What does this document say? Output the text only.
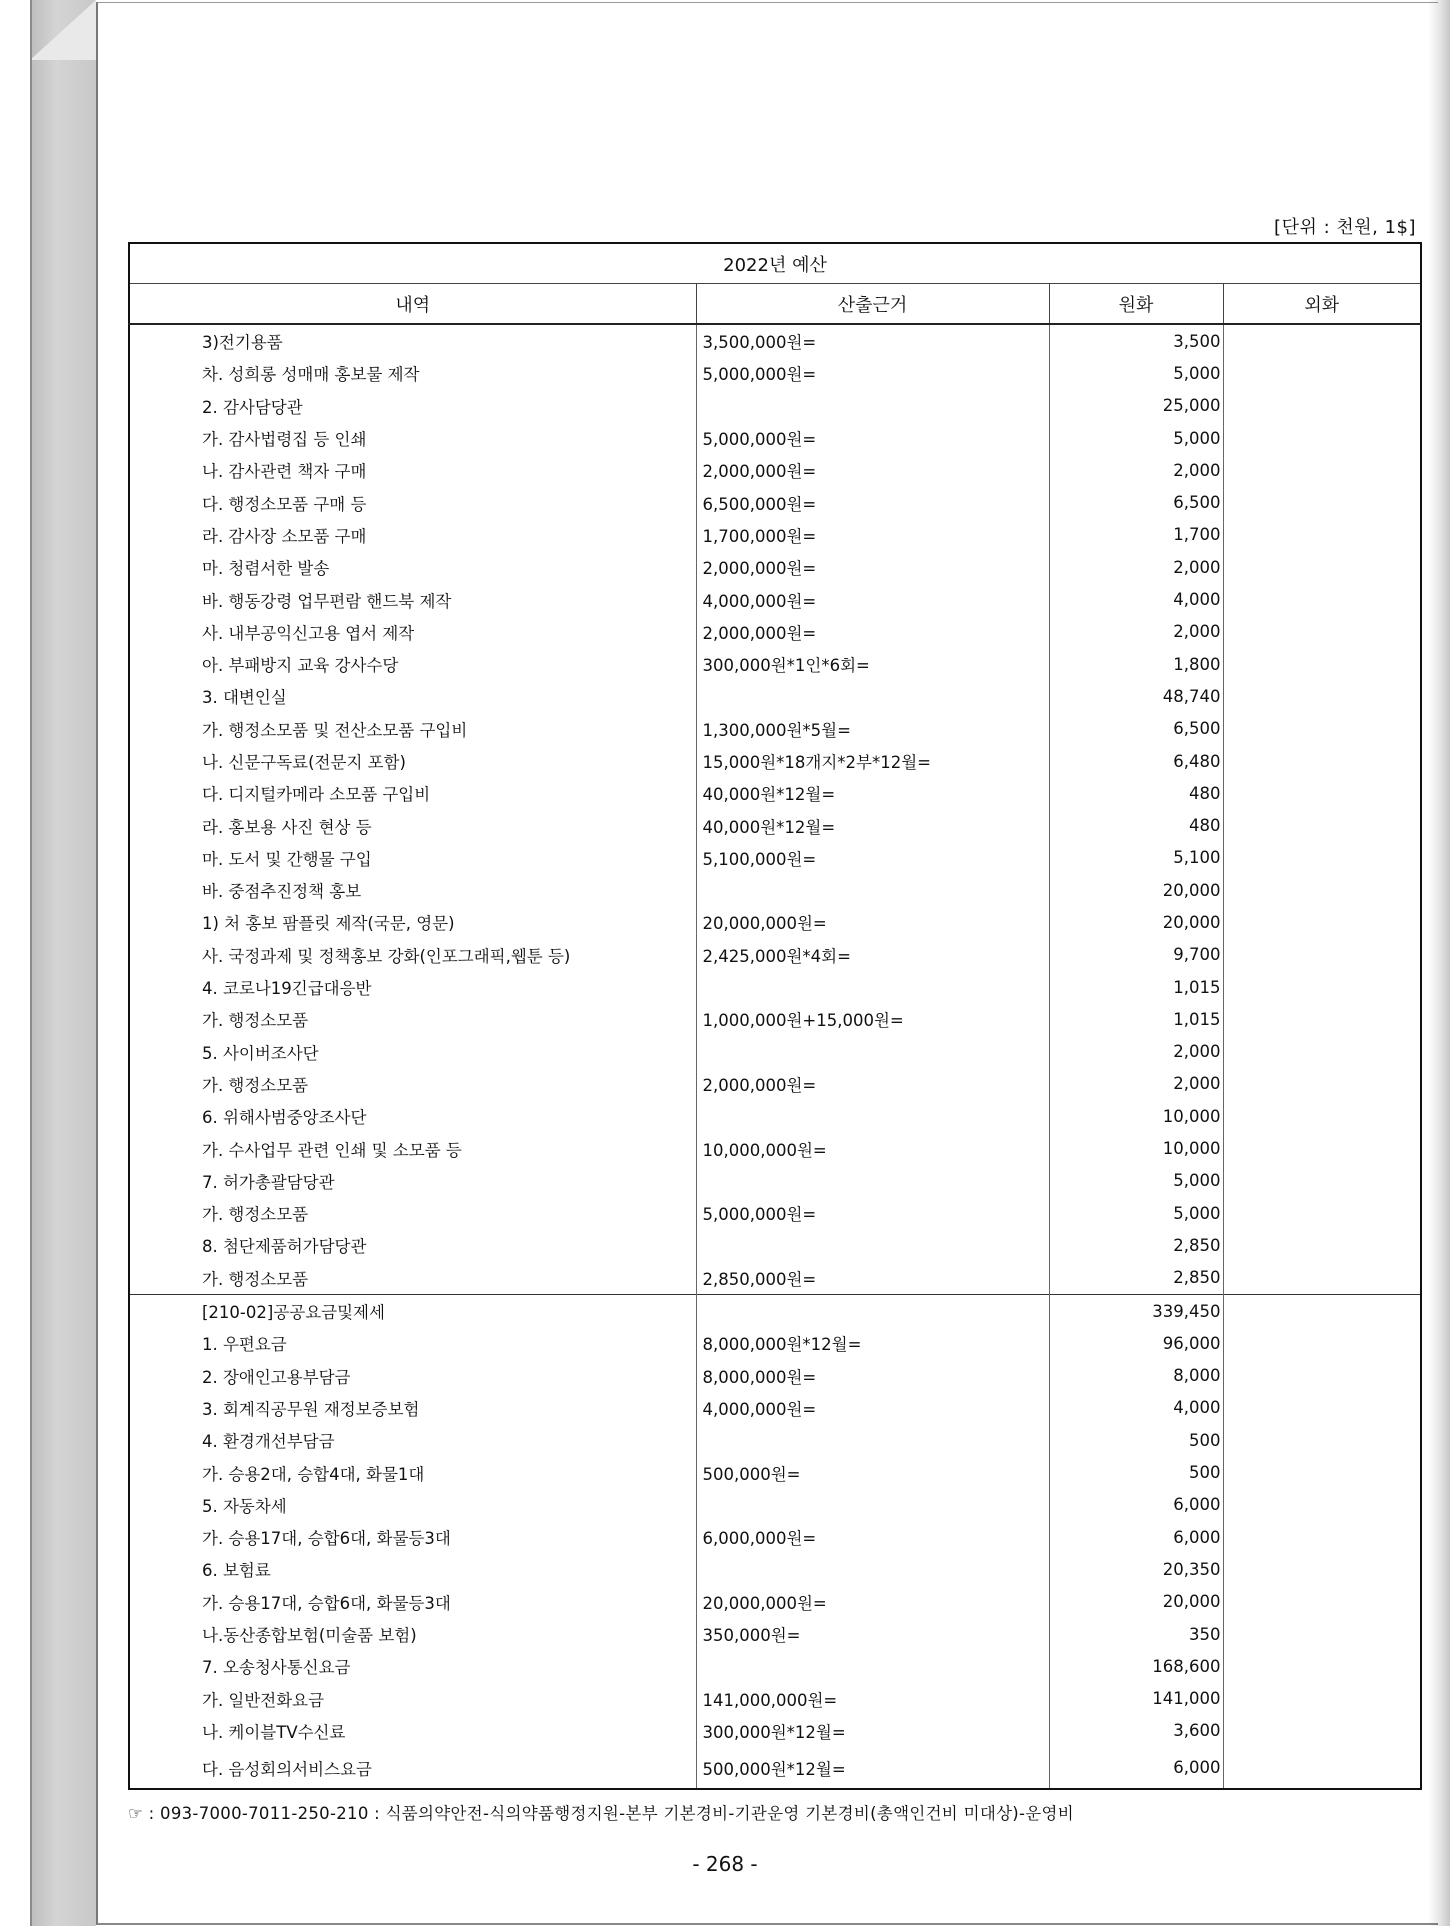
[단위 : 천원, 1$]
2022년 예산			
내역	산출근거	원화	외화
3)전기용품	3,500,000원=	3,500	
차. 성희롱 성매매 홍보물 제작	5,000,000원=	5,000	
2. 감사담당관		25,000	
가. 감사법령집 등 인쇄	5,000,000원=	5,000	
나. 감사관련 책자 구매	2,000,000원=	2,000	
다. 행정소모품 구매 등	6,500,000원=	6,500	
라. 감사장 소모품 구매	1,700,000원=	1,700	
마. 청렴서한 발송	2,000,000원=	2,000	
바. 행동강령 업무편람 핸드북 제작	4,000,000원=	4,000	
사. 내부공익신고용 엽서 제작	2,000,000원=	2,000	
아. 부패방지 교육 강사수당	300,000원*1인*6회=	1,800	
3. 대변인실		48,740	
가. 행정소모품 및 전산소모품 구입비	1,300,000원*5월=	6,500	
나. 신문구독료(전문지 포함)	15,000원*18개지*2부*12월=	6,480	
다. 디지털카메라 소모품 구입비	40,000원*12월=	480	
라. 홍보용 사진 현상 등	40,000원*12월=	480	
마. 도서 및 간행물 구입	5,100,000원=	5,100	
바. 중점추진정책 홍보		20,000	
1) 처 홍보 팜플릿 제작(국문, 영문)	20,000,000원=	20,000	
사. 국정과제 및 정책홍보 강화(인포그래픽,웹툰 등)	2,425,000원*4회=	9,700	
4. 코로나19긴급대응반		1,015	
가. 행정소모품	1,000,000원+15,000원=	1,015	
5. 사이버조사단		2,000	
가. 행정소모품	2,000,000원=	2,000	
6. 위해사범중앙조사단		10,000	
가. 수사업무 관련 인쇄 및 소모품 등	10,000,000원=	10,000	
7. 허가총괄담당관		5,000	
가. 행정소모품	5,000,000원=	5,000	
8. 첨단제품허가담당관		2,850	
가. 행정소모품	2,850,000원=	2,850	
[210-02]공공요금및제세		339,450	
1. 우편요금	8,000,000원*12월=	96,000	
2. 장애인고용부담금	8,000,000원=	8,000	
3. 회계직공무원 재정보증보험	4,000,000원=	4,000	
4. 환경개선부담금		500	
가. 승용2대, 승합4대, 화물1대	500,000원=	500	
5. 자동차세		6,000	
가. 승용17대, 승합6대, 화물등3대	6,000,000원=	6,000	
6. 보험료		20,350	
가. 승용17대, 승합6대, 화물등3대	20,000,000원=	20,000	
나.동산종합보험(미술품 보험)	350,000원=	350	
7. 오송청사통신요금		168,600	
가. 일반전화요금	141,000,000원=	141,000	
나. 케이블TV수신료	300,000원*12월=	3,600	
다. 음성회의서비스요금	500,000원*12월=	6,000	
☞ : 093-7000-7011-250-210 : 식품의약안전-식의약품행정지원-본부 기본경비-기관운영 기본경비(총액인건비 미대상)-운영비
- 268 -
